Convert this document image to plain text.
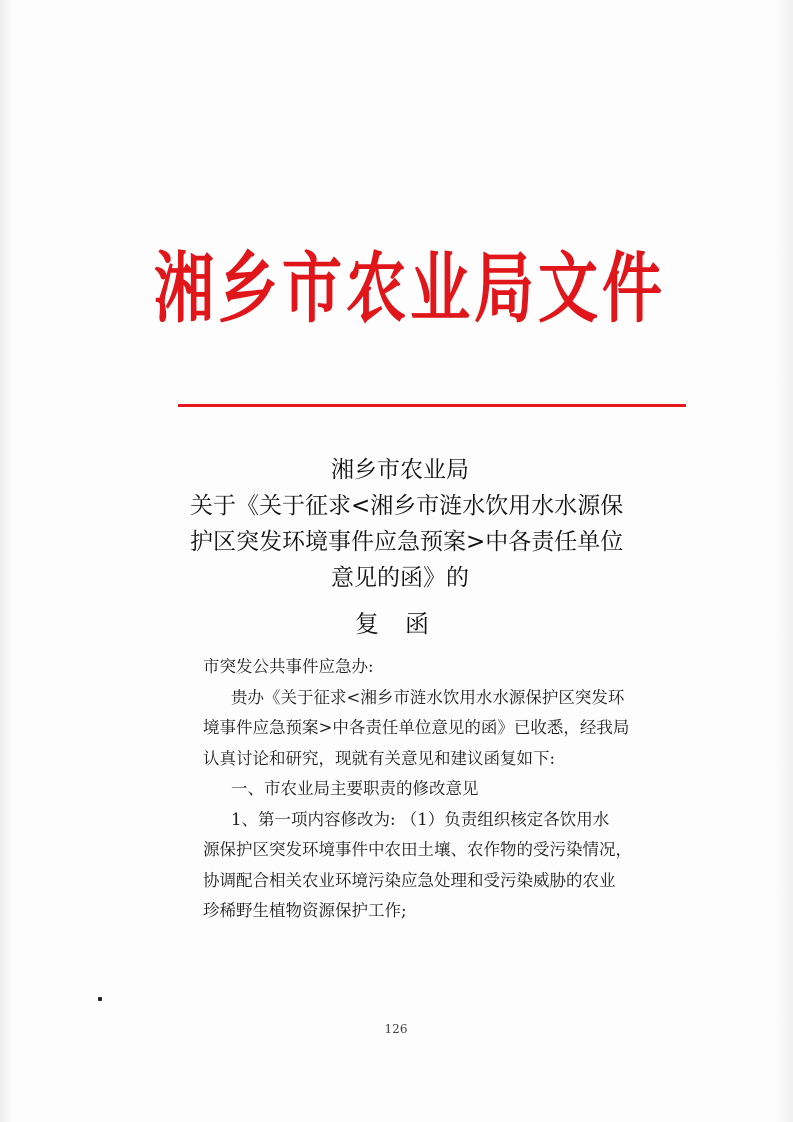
湘乡市农业局文件
湘乡市农业局
关于《关于征求<湘乡市涟水饮用水水源保
护区突发环境事件应急预案>中各责任单位
意见的函》的
复函

市突发公共事件应急办:

贵办《关于征求<湘乡市涟水饮用水水源保护区突发环

境事件应急预案>中各责任单位意见的函》已收悉，经我局

认真讨论和研究，现就有关意见和建议函复如下:

一、市农业局主要职责的修改意见

1、第一项内容修改为: （1）负责组织核定各饮用水

源保护区突发环境事件中农田土壤、农作物的受污染情况，

协调配合相关农业环境污染应急处理和受污染威胁的农业

珍稀野生植物资源保护工作;

126
